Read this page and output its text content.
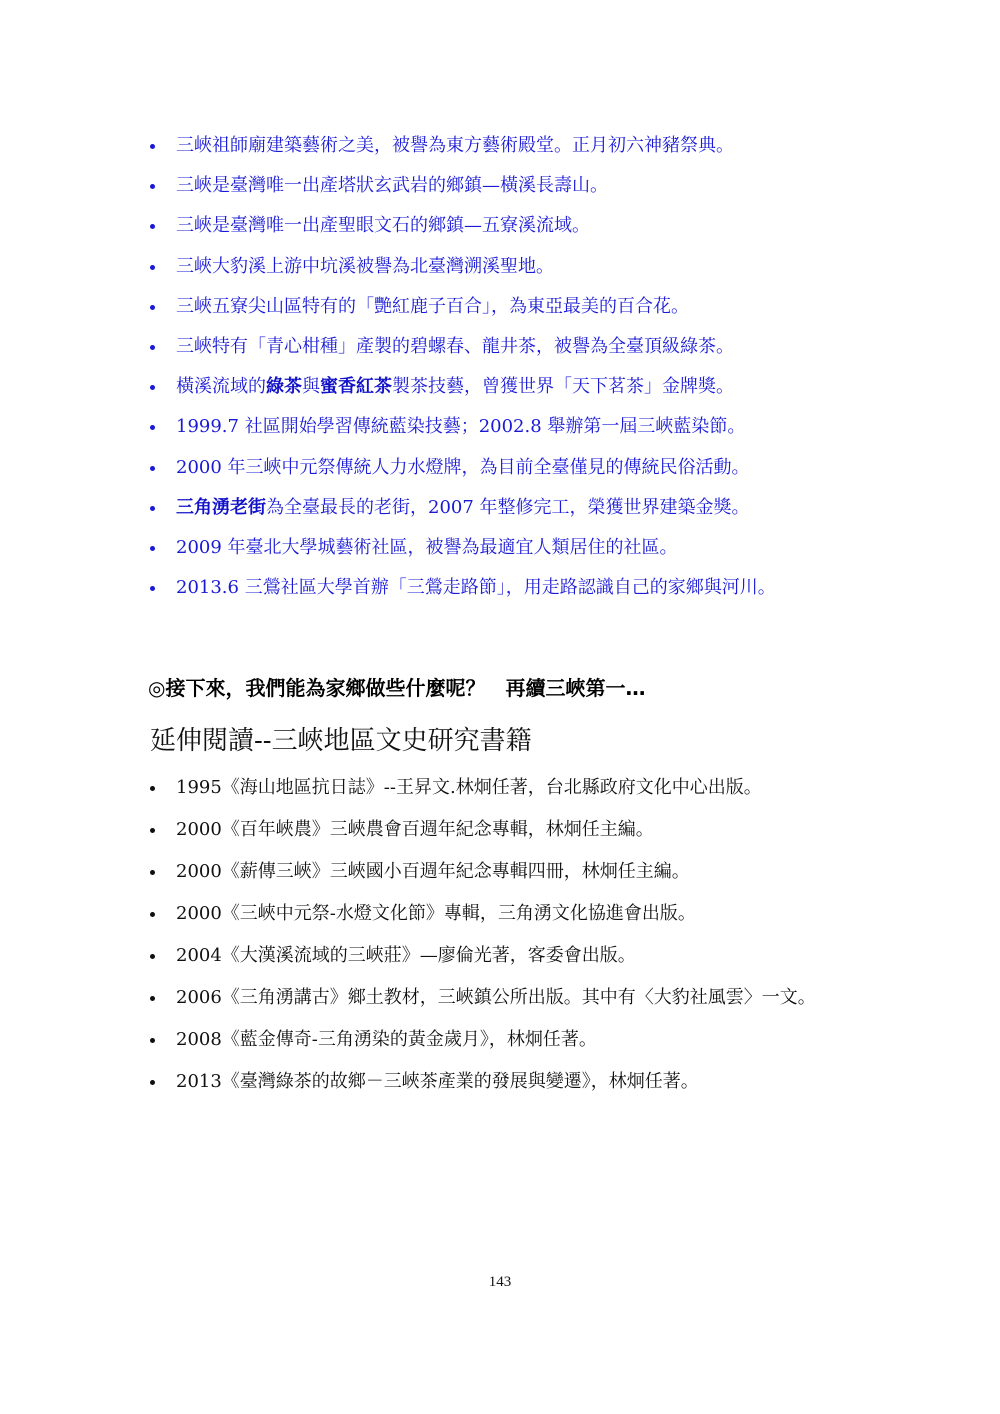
三峽祖師廟建築藝術之美，被譽為東方藝術殿堂。正月初六神豬祭典。
三峽是臺灣唯一出產塔狀玄武岩的鄉鎮—橫溪長壽山。
三峽是臺灣唯一出產聖眼文石的鄉鎮—五寮溪流域。
三峽大豹溪上游中坑溪被譽為北臺灣溯溪聖地。
三峽五寮尖山區特有的「艷紅鹿子百合」，為東亞最美的百合花。
三峽特有「青心柑種」產製的碧螺春、龍井茶，被譽為全臺頂級綠茶。
橫溪流域的綠茶與蜜香紅茶製茶技藝，曾獲世界「天下茗茶」金牌獎。
1999.7 社區開始學習傳統藍染技藝；2002.8 舉辦第一屆三峽藍染節。
2000 年三峽中元祭傳統人力水燈牌，為目前全臺僅見的傳統民俗活動。
三角湧老街為全臺最長的老街，2007 年整修完工，榮獲世界建築金獎。
2009 年臺北大學城藝術社區，被譽為最適宜人類居住的社區。
2013.6 三鶯社區大學首辦「三鶯走路節」，用走路認識自己的家鄉與河川。
◎接下來，我們能為家鄉做些什麼呢？　再續三峽第一…
延伸閱讀--三峽地區文史研究書籍
1995《海山地區抗日誌》--王昇文.林炯任著，台北縣政府文化中心出版。
2000《百年峽農》三峽農會百週年紀念專輯，林炯任主編。
2000《薪傳三峽》三峽國小百週年紀念專輯四冊，林炯任主編。
2000《三峽中元祭-水燈文化節》專輯，三角湧文化協進會出版。
2004《大漢溪流域的三峽莊》—廖倫光著，客委會出版。
2006《三角湧講古》鄉土教材，三峽鎮公所出版。其中有〈大豹社風雲〉一文。
2008《藍金傳奇-三角湧染的黃金歲月》，林炯任著。
2013《臺灣綠茶的故鄉－三峽茶產業的發展與變遷》，林炯任著。
143
